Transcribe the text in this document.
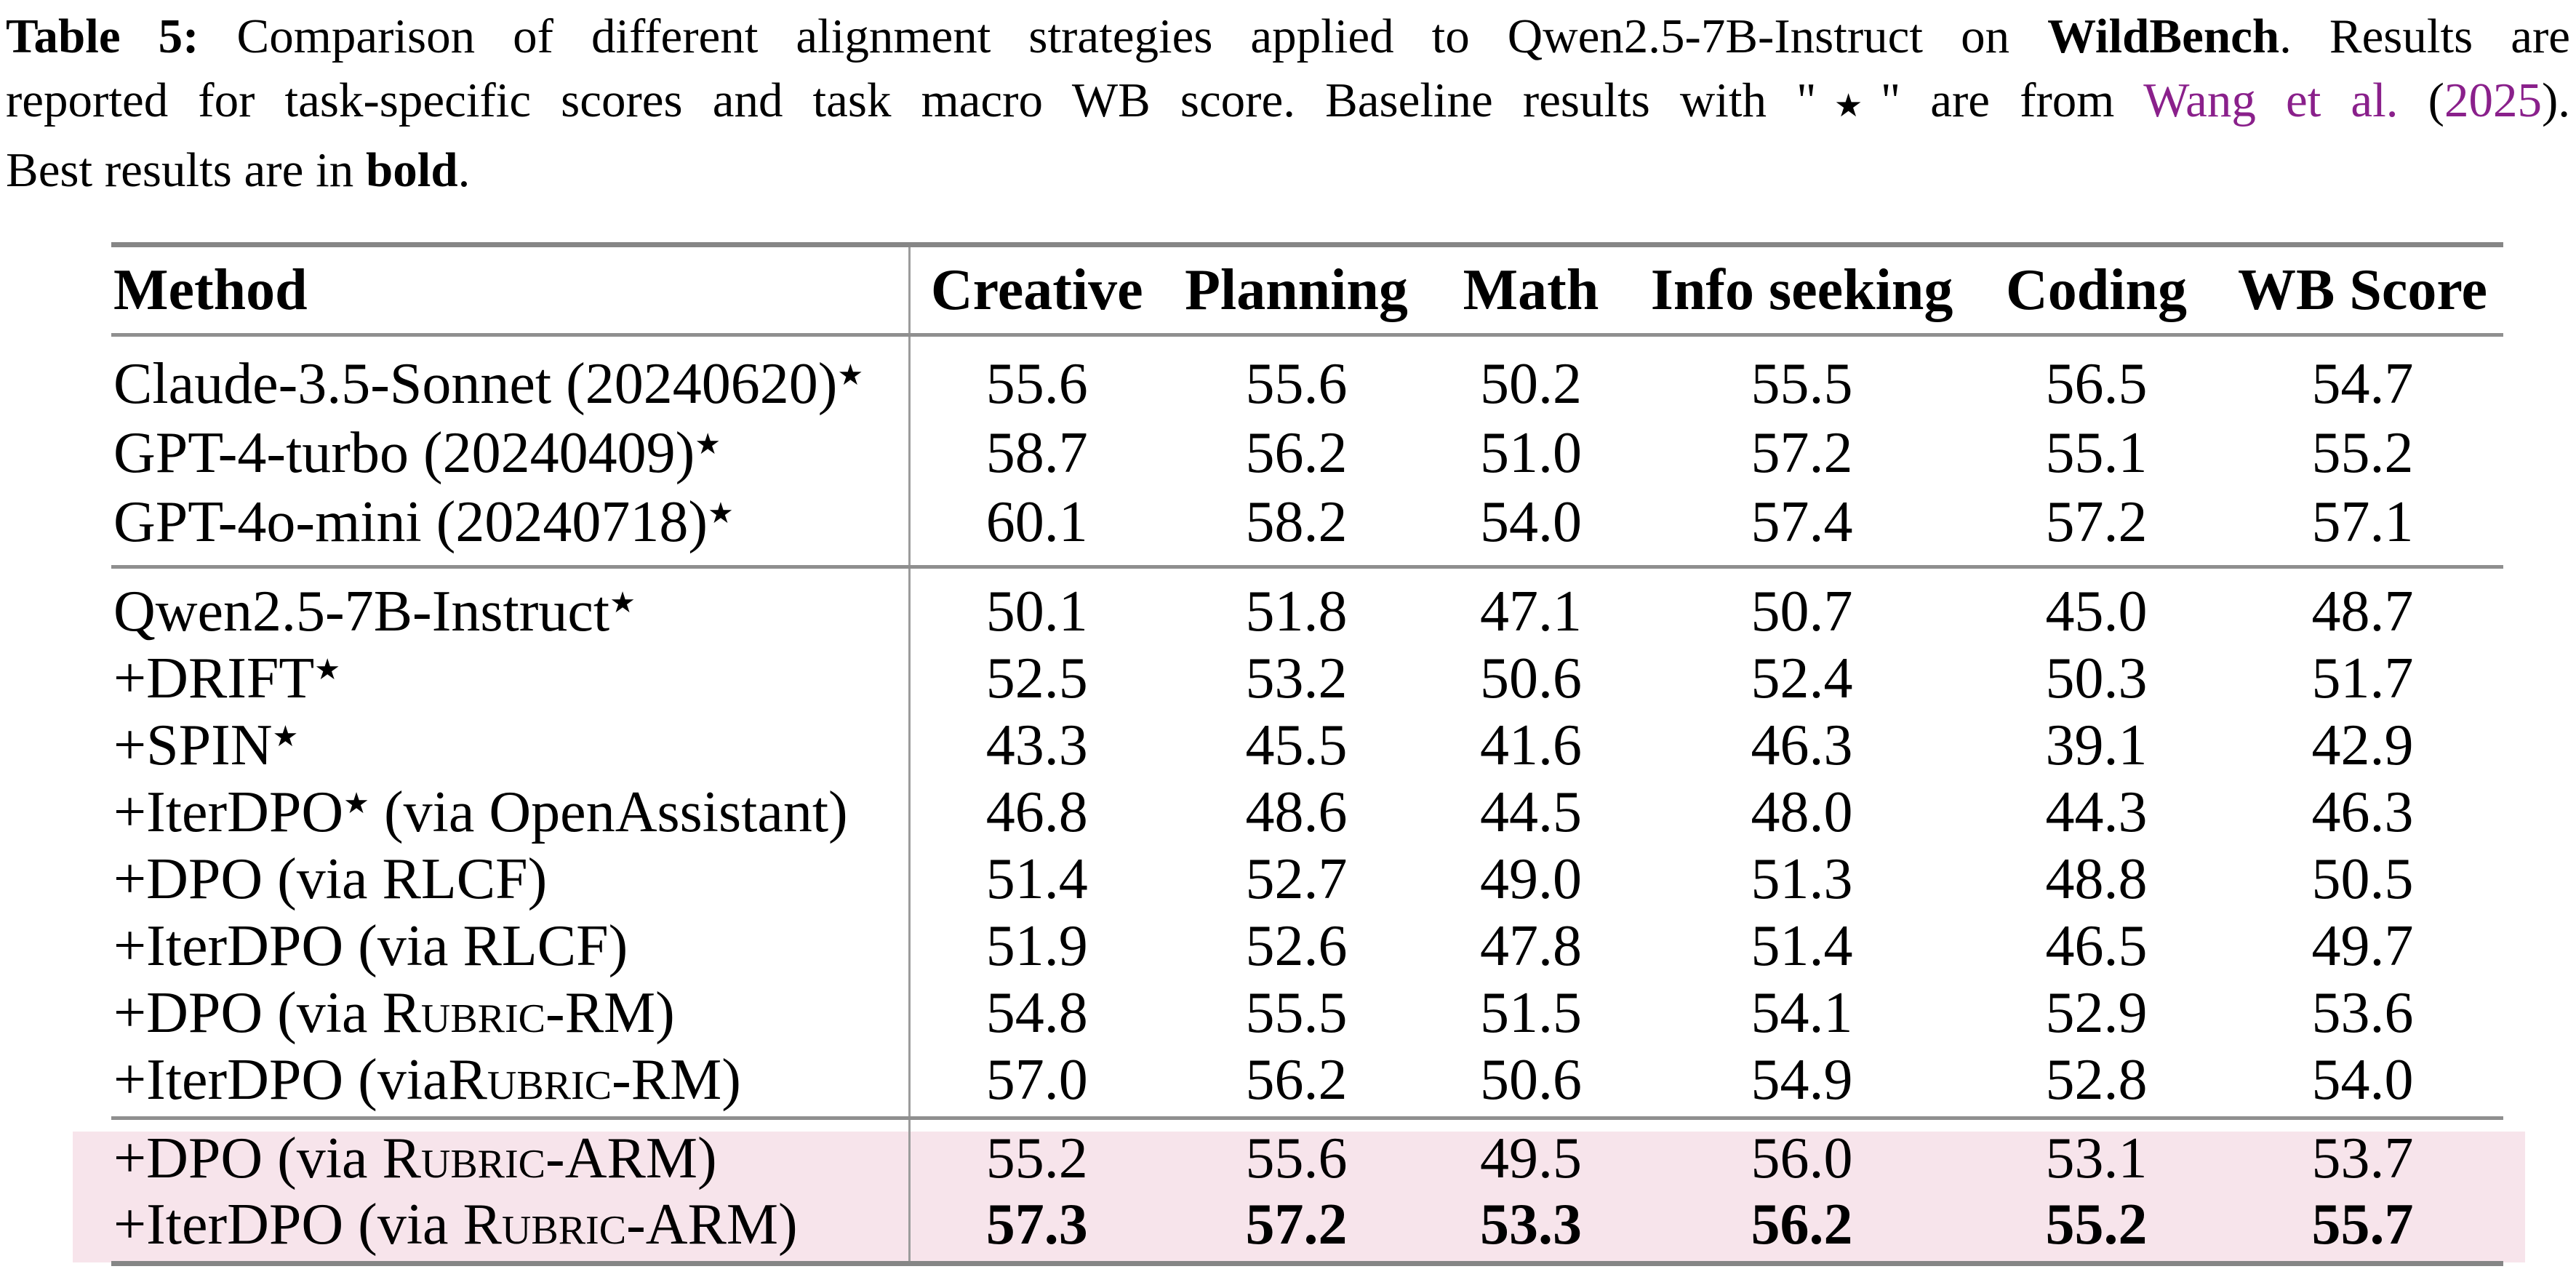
Table 5: Comparison of different alignment strategies applied to Qwen2.5-7B-Instruct on WildBench. Results are
reported for task-specific scores and task macro WB score. Baseline results with "★" are from Wang et al. (2025).
Best results are in bold.
Method	Creative	Planning	Math	Info seeking	Coding	WB Score

Claude-3.5-Sonnet (20240620)★	55.6	55.6	50.2	55.5	56.5	54.7
GPT-4-turbo (20240409)★	58.7	56.2	51.0	57.2	55.1	55.2
GPT-4o-mini (20240718)★	60.1	58.2	54.0	57.4	57.2	57.1

Qwen2.5-7B-Instruct★	50.1	51.8	47.1	50.7	45.0	48.7
+DRIFT★	52.5	53.2	50.6	52.4	50.3	51.7
+SPIN★	43.3	45.5	41.6	46.3	39.1	42.9
+IterDPO★ (via OpenAssistant)	46.8	48.6	44.5	48.0	44.3	46.3
+DPO (via RLCF)	51.4	52.7	49.0	51.3	48.8	50.5
+IterDPO (via RLCF)	51.9	52.6	47.8	51.4	46.5	49.7
+DPO (via Rubric-RM)	54.8	55.5	51.5	54.1	52.9	53.6
+IterDPO (viaRubric-RM)	57.0	56.2	50.6	54.9	52.8	54.0

+DPO (via Rubric-ARM)	55.2	55.6	49.5	56.0	53.1	53.7
+IterDPO (via Rubric-ARM)	57.3	57.2	53.3	56.2	55.2	55.7
